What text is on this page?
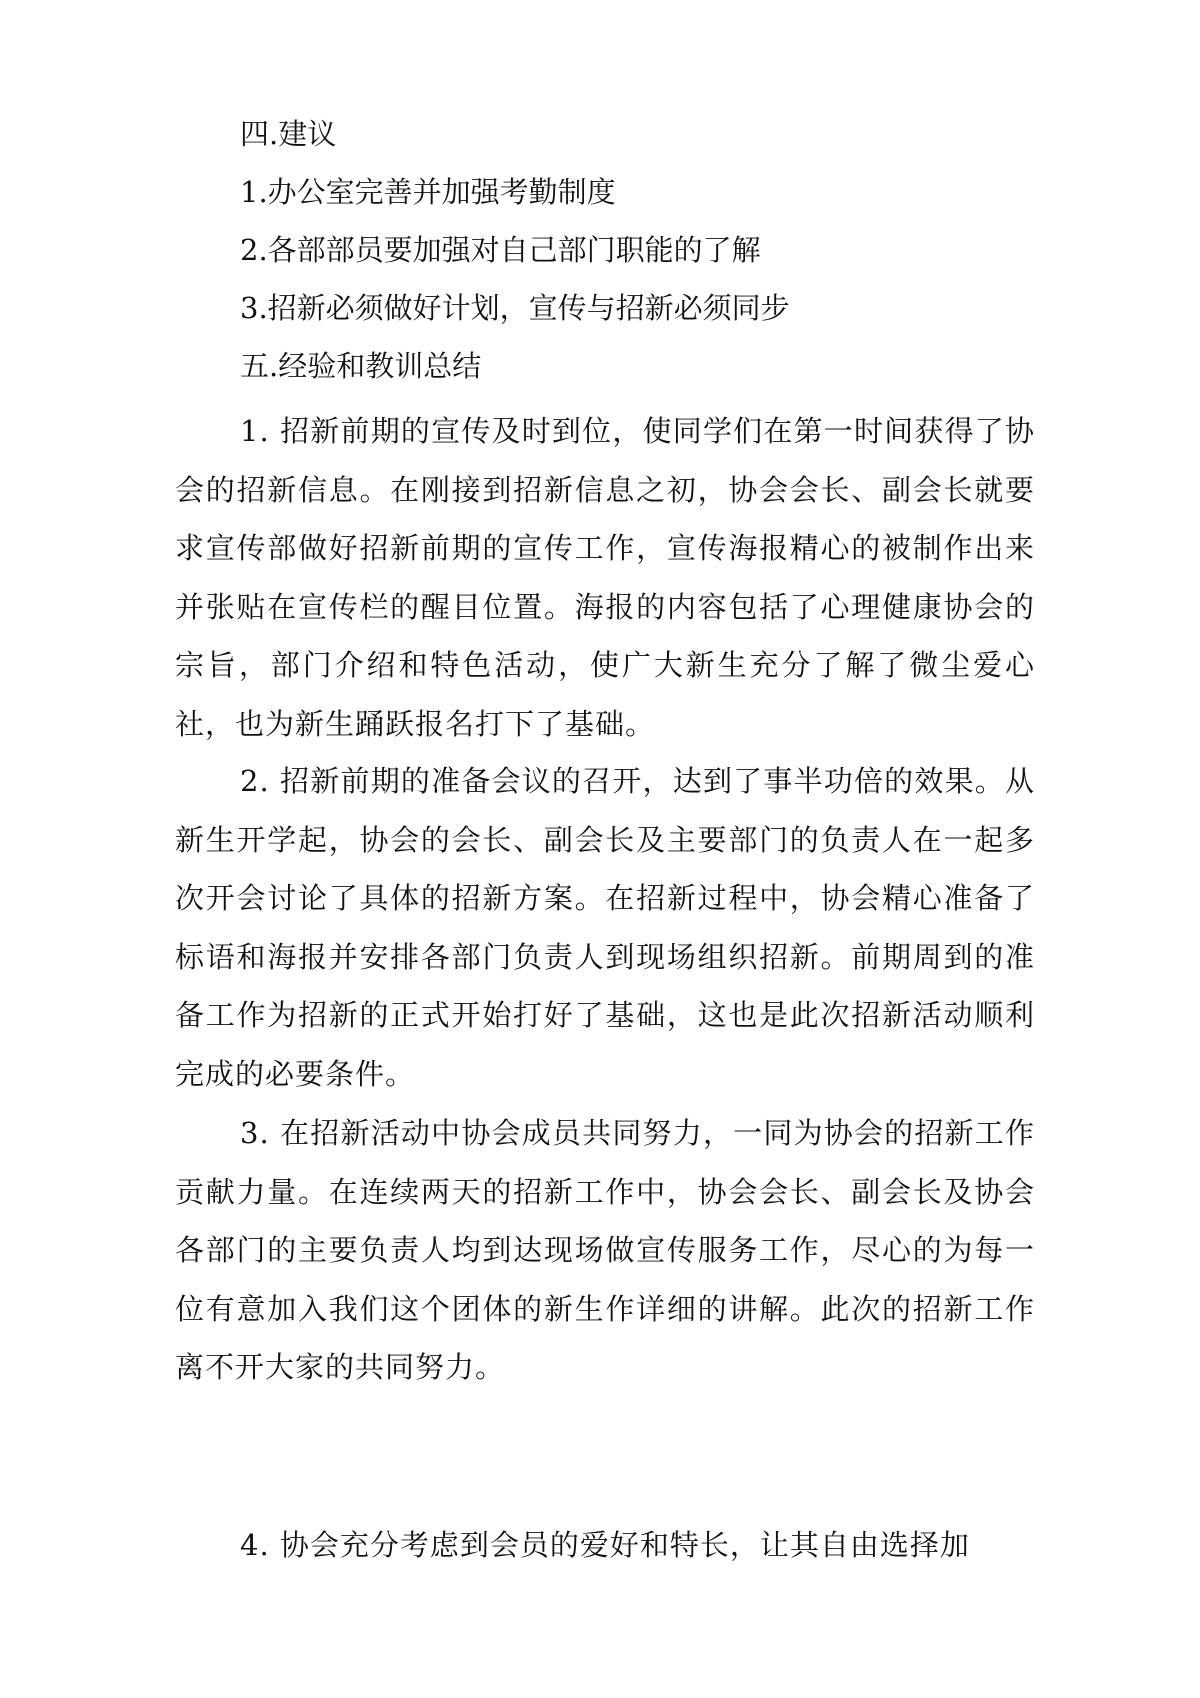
四.建议
1.办公室完善并加强考勤制度
2.各部部员要加强对自己部门职能的了解
3.招新必须做好计划，宣传与招新必须同步
五.经验和教训总结
1. 招新前期的宣传及时到位，使同学们在第一时间获得了协会的招新信息。在刚接到招新信息之初，协会会长、副会长就要求宣传部做好招新前期的宣传工作，宣传海报精心的被制作出来并张贴在宣传栏的醒目位置。海报的内容包括了心理健康协会的宗旨，部门介绍和特色活动，使广大新生充分了解了微尘爱心社，也为新生踊跃报名打下了基础。
2. 招新前期的准备会议的召开，达到了事半功倍的效果。从新生开学起，协会的会长、副会长及主要部门的负责人在一起多次开会讨论了具体的招新方案。在招新过程中，协会精心准备了标语和海报并安排各部门负责人到现场组织招新。前期周到的准备工作为招新的正式开始打好了基础，这也是此次招新活动顺利完成的必要条件。
3. 在招新活动中协会成员共同努力，一同为协会的招新工作贡献力量。在连续两天的招新工作中，协会会长、副会长及协会各部门的主要负责人均到达现场做宣传服务工作，尽心的为每一位有意加入我们这个团体的新生作详细的讲解。此次的招新工作离不开大家的共同努力。
4. 协会充分考虑到会员的爱好和特长，让其自由选择加
